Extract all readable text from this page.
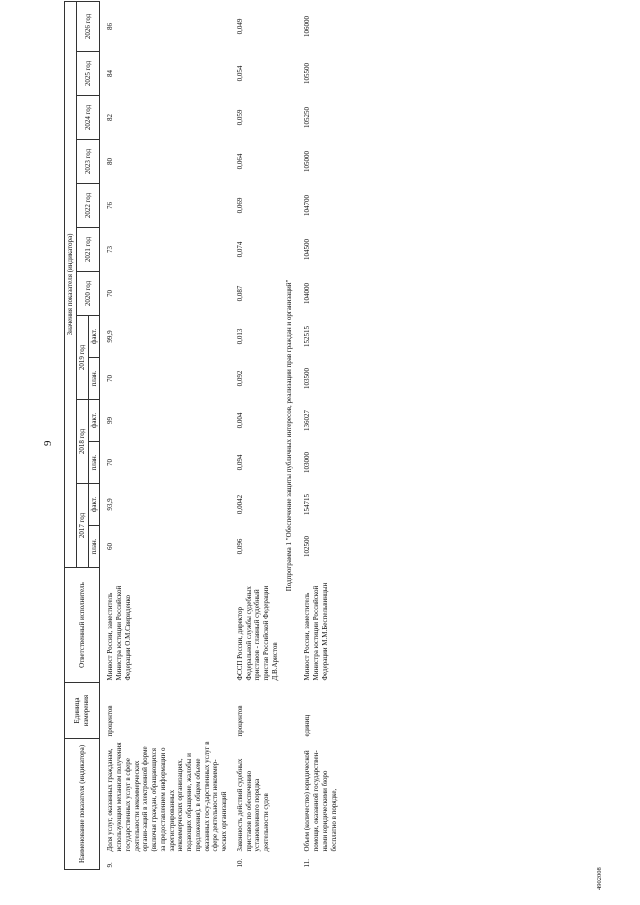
9
4902008
Наименование показателя (индикатора)		Единица измерения	Ответственный исполнитель	Значения показателя (индикатора)												
				2017 год		2018 год		2019 год		2020 год	2021 год	2022 год	2023 год	2024 год	2025 год	2026 год
				план.	факт.	план.	факт.	план.	факт.							
9.	Доля услуг, оказанных гражданам, использующим механизм получения государственных услуг в сфере деятельности некоммерческих органи-заций в электронной форме (включая граждан, обращающихся за предоставлением информации о зарегистрированных некоммерческих организациях, подающих обращение, жалобы и предложения), в общем объеме оказанных госу-дарственных услуг в сфере деятельности некоммер-ческих организаций	процентов	Минюст России, заместитель Министра юстиции Российской Федерации О.М.Свириденко	60	93,9	70	99	70	99,9	70	73	76	80	82	84	86
10.	Законность действий судебных приставов по обеспечению установленного порядка деятельности судов	процентов	ФССП России, директор Федеральной службы судебных приставов - главный судебный пристав Российской Федерации Д.В.Аристов	0,096	0,0042	0,094	0,004	0,092	0,013	0,087	0,074	0,069	0,064	0,059	0,054	0,049
Подпрограмма 1 "Обеспечение защиты публичных интересов, реализации прав граждан и организаций"																
11.	Объем (количество) юридической помощи, оказанной государствен-ными юридическими бюро бесплатно в порядке,	единиц	Минюст России, заместитель Министра юстиции Российской Федерации М.М.Беспельвинцын	102500	154715	103000	136027	103500	152515	104000	104500	104700	105000	105250	105500	106000
